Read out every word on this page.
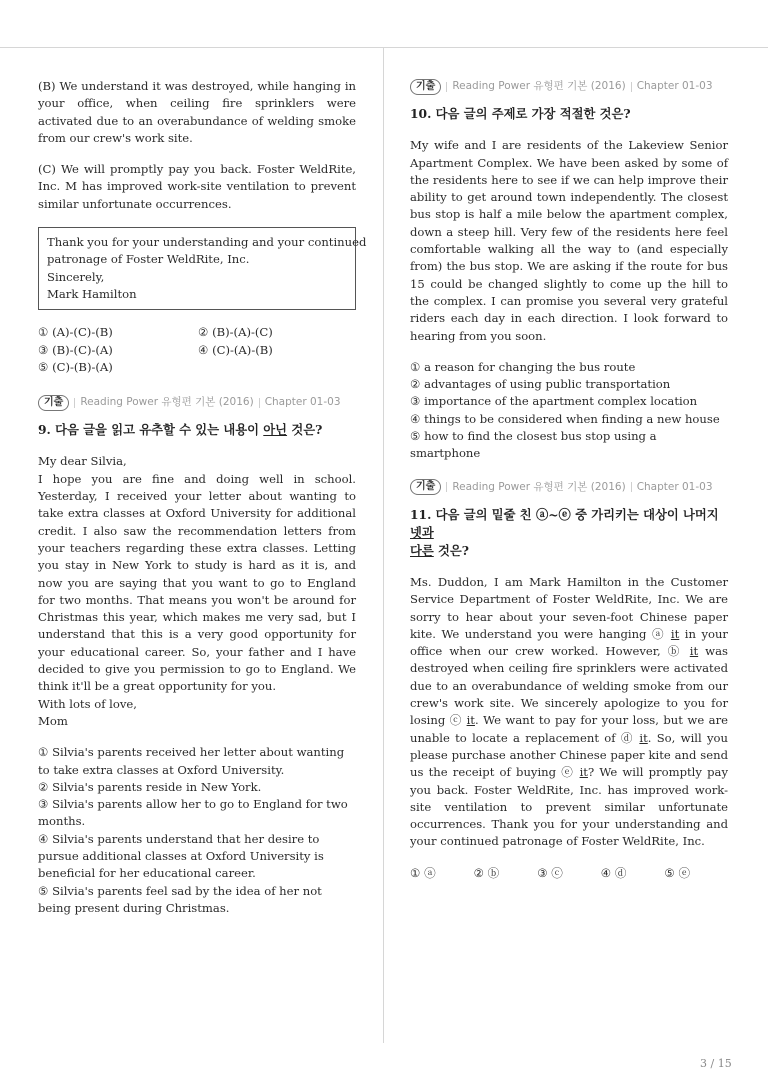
(B) We understand it was destroyed, while hanging in your office, when ceiling fire sprinklers were activated due to an overabundance of welding smoke from our crew's work site.

(C) We will promptly pay you back. Foster WeldRite, Inc. M has improved work-site ventilation to prevent similar unfortunate occurrences.

Thank you for your understanding and your continued
patronage of Foster WeldRite, Inc.
Sincerely,
Mark Hamilton
① (A)-(C)-(B)	② (B)-(A)-(C)
③ (B)-(C)-(A)	④ (C)-(A)-(B)
⑤ (C)-(B)-(A)
기출	Reading Power 유형편 기본 (2016) Chapter 01-03
9. 다음 글을 읽고 유추할 수 있는 내용이 아닌 것은?
My dear Silvia,
I hope you are fine and doing well in school. Yesterday, I received your letter about wanting to take extra classes at Oxford University for additional credit. I also saw the recommendation letters from your teachers regarding these extra classes. Letting you stay in New York to study is hard as it is, and now you are saying that you want to go to England for two months. That means you won't be around for Christmas this year, which makes me very sad, but I understand that this is a very good opportunity for your educational career. So, your father and I have decided to give you permission to go to England. We think it'll be a great opportunity for you.
With lots of love,
Mom
① Silvia's parents received her letter about wanting to take extra classes at Oxford University.
② Silvia's parents reside in New York.
③ Silvia's parents allow her to go to England for two months.
④ Silvia's parents understand that her desire to pursue additional classes at Oxford University is beneficial for her educational career.
⑤ Silvia's parents feel sad by the idea of her not being present during Christmas.
기출	Reading Power 유형편 기본 (2016) Chapter 01-03
10. 다음 글의 주제로 가장 적절한 것은?

My wife and I are residents of the Lakeview Senior Apartment Complex. We have been asked by some of the residents here to see if we can help improve their ability to get around town independently. The closest bus stop is half a mile below the apartment complex, down a steep hill. Very few of the residents here feel comfortable walking all the way to (and especially from) the bus stop. We are asking if the route for bus 15 could be changed slightly to come up the hill to the complex. I can promise you several very grateful riders each day in each direction. I look forward to hearing from you soon.

① a reason for changing the bus route
② advantages of using public transportation
③ importance of the apartment complex location
④ things to be considered when finding a new house
⑤ how to find the closest bus stop using a smartphone
기출	Reading Power 유형편 기본 (2016) Chapter 01-03
11. 다음 글의 밑줄 친 ⓐ~ⓔ 중 가리키는 대상이 나머지 넷과
다른 것은?

Ms. Duddon, I am Mark Hamilton in the Customer Service Department of Foster WeldRite, Inc. We are sorry to hear about your seven-foot Chinese paper kite. We understand you were hanging ⓐ it in your office when our crew worked. However, ⓑ it was destroyed when ceiling fire sprinklers were activated due to an overabundance of welding smoke from our crew's work site. We sincerely apologize to you for losing ⓒ it. We want to pay for your loss, but we are unable to locate a replacement of ⓓ it. So, will you please purchase another Chinese paper kite and send us the receipt of buying ⓔ it? We will promptly pay you back. Foster WeldRite, Inc. has improved work-site ventilation to prevent similar unfortunate occurrences. Thank you for your understanding and your continued patronage of Foster WeldRite, Inc.

① ⓐ	② ⓑ	③ ⓒ	④ ⓓ	⑤ ⓔ
3 / 15
